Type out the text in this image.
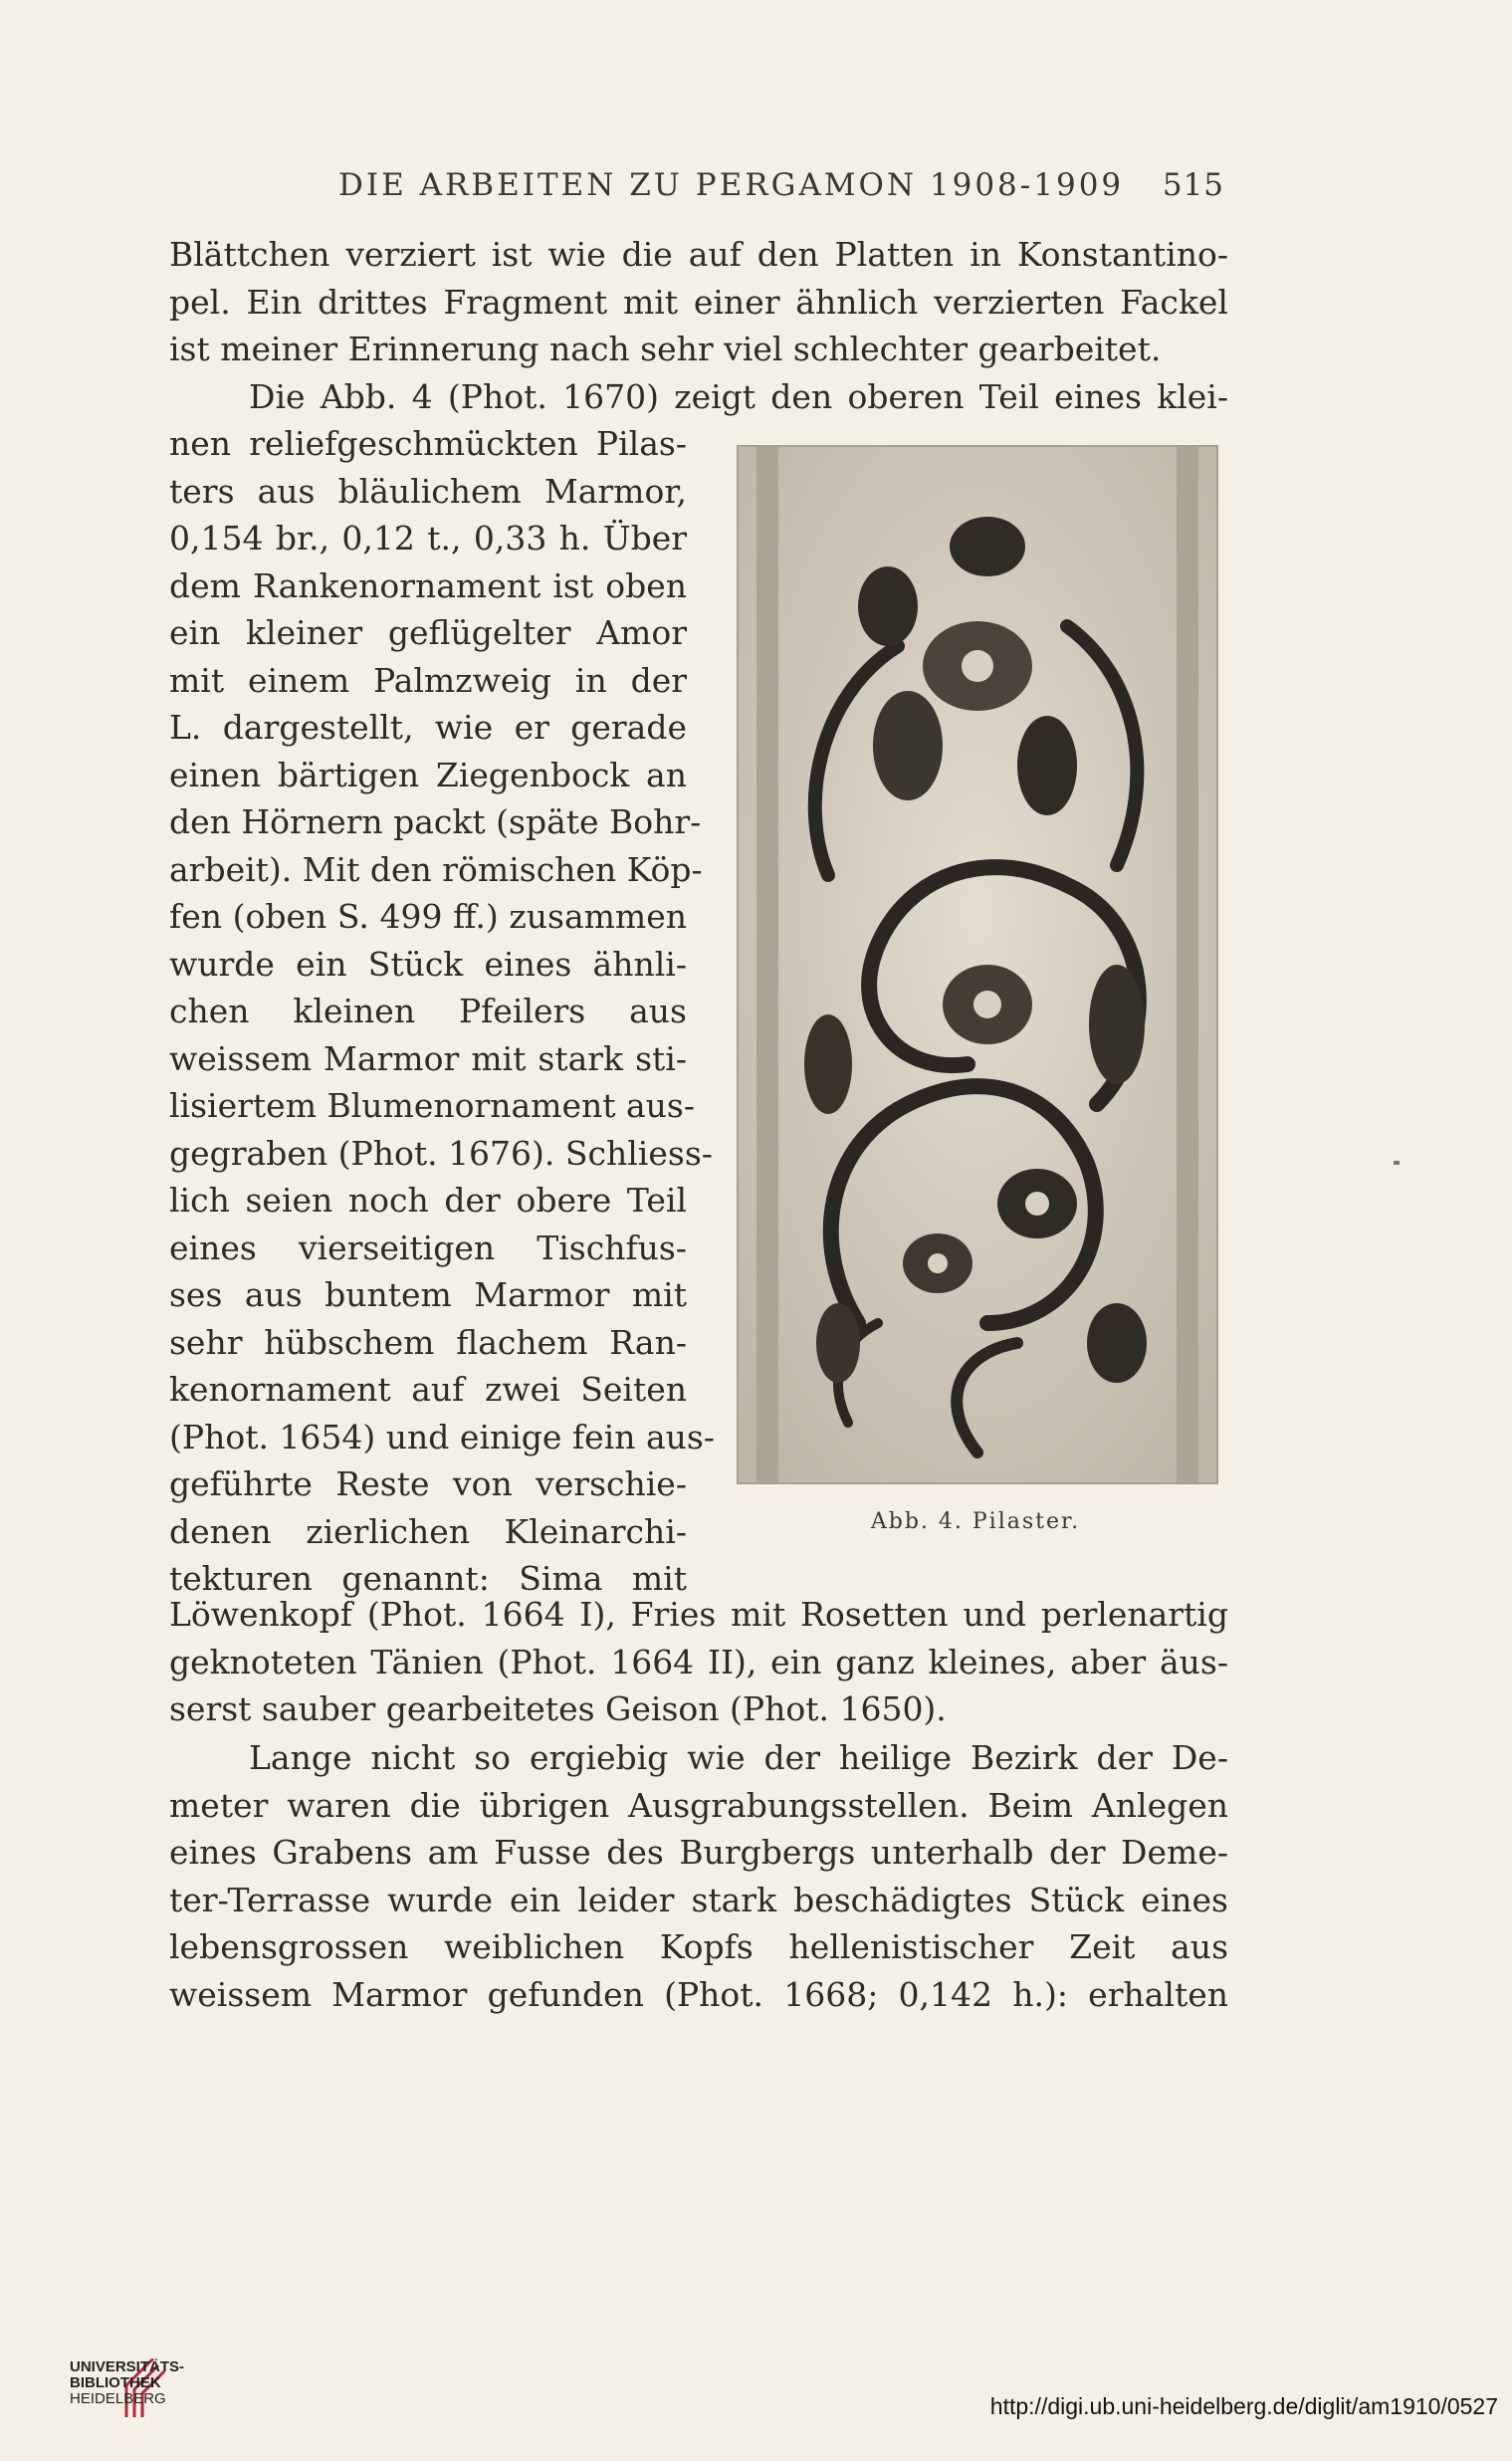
DIE ARBEITEN ZU PERGAMON 1908-1909 515
Blättchen verziert ist wie die auf den Platten in Konstantino-
pel. Ein drittes Fragment mit einer ähnlich verzierten Fackel
ist meiner Erinnerung nach sehr viel schlechter gearbeitet.
Die Abb. 4 (Phot. 1670) zeigt den oberen Teil eines klei-
nen reliefgeschmückten Pilas-
ters aus bläulichem Marmor,
0,154 br., 0,12 t., 0,33 h. Über
dem Rankenornament ist oben
ein kleiner geflügelter Amor
mit einem Palmzweig in der
L. dargestellt, wie er gerade
einen bärtigen Ziegenbock an
den Hörnern packt (späte Bohr-
arbeit). Mit den römischen Köp-
fen (oben S. 499 ff.) zusammen
wurde ein Stück eines ähnli-
chen kleinen Pfeilers aus
weissem Marmor mit stark sti-
lisiertem Blumenornament aus-
gegraben (Phot. 1676). Schliess-
lich seien noch der obere Teil
eines vierseitigen Tischfus-
ses aus buntem Marmor mit
sehr hübschem flachem Ran-
kenornament auf zwei Seiten
(Phot. 1654) und einige fein aus-
geführte Reste von verschie-
denen zierlichen Kleinarchi-
tekturen genannt: Sima mit
Abb. 4. Pilaster.
Löwenkopf (Phot. 1664 I), Fries mit Rosetten und perlenartig
geknoteten Tänien (Phot. 1664 II), ein ganz kleines, aber äus-
serst sauber gearbeitetes Geison (Phot. 1650).
Lange nicht so ergiebig wie der heilige Bezirk der De-
meter waren die übrigen Ausgrabungsstellen. Beim Anlegen
eines Grabens am Fusse des Burgbergs unterhalb der Deme-
ter-Terrasse wurde ein leider stark beschädigtes Stück eines
lebensgrossen weiblichen Kopfs hellenistischer Zeit aus
weissem Marmor gefunden (Phot. 1668; 0,142 h.): erhalten
UNIVERSITÄTS-
BIBLIOTHEK
HEIDELBERG	http://digi.ub.uni-heidelberg.de/diglit/am1910/0527
